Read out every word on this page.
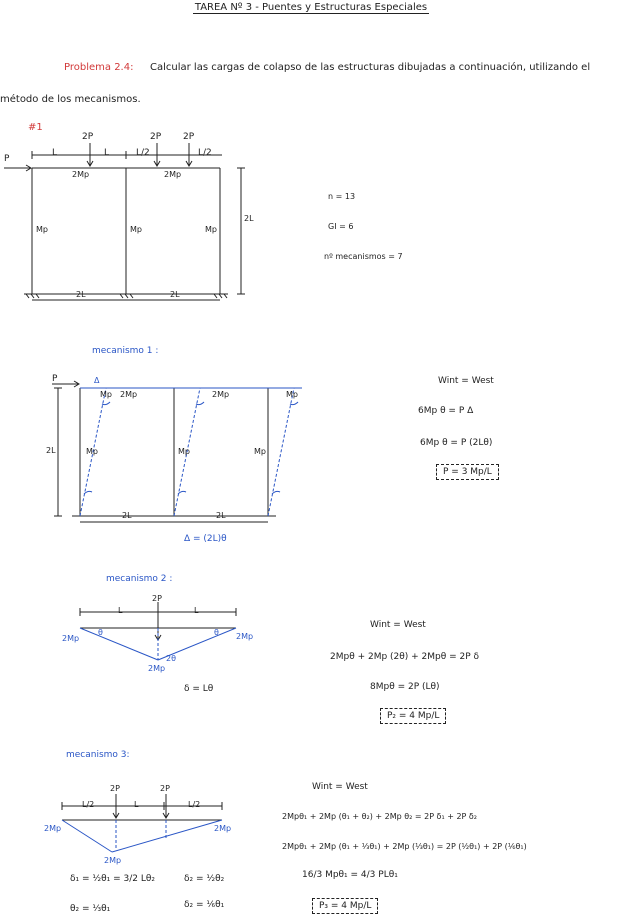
TAREA Nº 3 - Puentes y Estructuras Especiales
Problema 2.4: Calcular las cargas de colapso de las estructuras dibujadas a continuación, utilizando el
método de los mecanismos.
#1
P
2P	2P 2P
L	L	L/2	L/2
2Mp	2Mp
Mp	Mp	Mp
2L
2L	2L
n = 13
GI = 6
nº mecanismos = 7
mecanismo 1 :
P	Δ
2L
Mp 2Mp	2Mp	Mp
Mp	Mp	Mp
2L	2L
Δ = (2L)θ
Wint = West
6Mp θ = P Δ
6Mp θ = P (2Lθ)
P = 3 Mp/L
mecanismo 2 :
2P
L	L
2Mp	2Mp
2Mp
θ	θ
2θ
δ = Lθ
Wint = West
2Mpθ + 2Mp (2θ) + 2Mpθ = 2P δ
8Mpθ = 2P (Lθ)
P₂ = 4 Mp/L
mecanismo 3:
2P	2P
L/2	L	L/2
2Mp	2Mp
2Mp
δ₁ = ½θ₁ = 3/2 Lθ₂
θ₂ = ⅓θ₁
δ₂ = ½θ₂
δ₂ = ⅙θ₁
Wint = West
2Mpθ₁ + 2Mp (θ₁ + θ₂) + 2Mp θ₂ = 2P δ₁ + 2P δ₂
2Mpθ₁ + 2Mp (θ₁ + ⅓θ₁) + 2Mp (⅓θ₁) = 2P (½θ₁) + 2P (⅙θ₁)
16/3 Mpθ₁ = 4/3 PLθ₁
P₃ = 4 Mp/L
